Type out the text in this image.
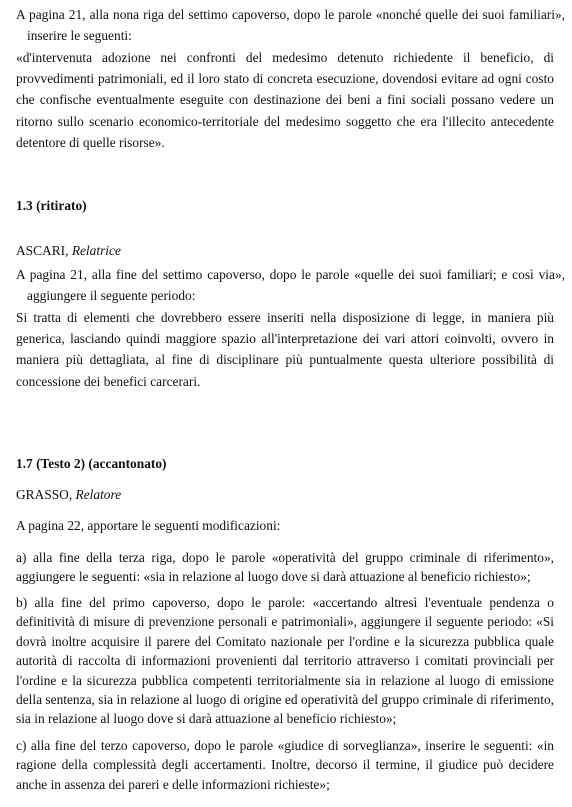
A pagina 21, alla nona riga del settimo capoverso, dopo le parole «nonché quelle dei suoi familiari», inserire le seguenti:

«d'intervenuta adozione nei confronti del medesimo detenuto richiedente il beneficio, di provvedimenti patrimoniali, ed il loro stato di concreta esecuzione, dovendosi evitare ad ogni costo che confische eventualmente eseguite con destinazione dei beni a fini sociali possano vedere un ritorno sullo scenario economico-territoriale del medesimo soggetto che era l'illecito antecedente detentore di quelle risorse».

1.3 (ritirato)
ASCARI, Relatrice

A pagina 21, alla fine del settimo capoverso, dopo le parole «quelle dei suoi familiari; e così via», aggiungere il seguente periodo:

Si tratta di elementi che dovrebbero essere inseriti nella disposizione di legge, in maniera più generica, lasciando quindi maggiore spazio all'interpretazione dei vari attori coinvolti, ovvero in maniera più dettagliata, al fine di disciplinare più puntualmente questa ulteriore possibilità di concessione dei benefici carcerari.

1.7 (Testo 2) (accantonato)
GRASSO, Relatore
A pagina 22, apportare le seguenti modificazioni:

a) alla fine della terza riga, dopo le parole «operatività del gruppo criminale di riferimento», aggiungere le seguenti: «sia in relazione al luogo dove si darà attuazione al beneficio richiesto»;

b) alla fine del primo capoverso, dopo le parole: «accertando altresì l'eventuale pendenza o definitività di misure di prevenzione personali e patrimoniali», aggiungere il seguente periodo: «Si dovrà inoltre acquisire il parere del Comitato nazionale per l'ordine e la sicurezza pubblica quale autorità di raccolta di informazioni provenienti dal territorio attraverso i comitati provinciali per l'ordine e la sicurezza pubblica competenti territorialmente sia in relazione al luogo di emissione della sentenza, sia in relazione al luogo di origine ed operatività del gruppo criminale di riferimento, sia in relazione al luogo dove si darà attuazione al beneficio richiesto»;

c) alla fine del terzo capoverso, dopo le parole «giudice di sorveglianza», inserire le seguenti: «in ragione della complessità degli accertamenti. Inoltre, decorso il termine, il giudice può decidere anche in assenza dei pareri e delle informazioni richieste»;
